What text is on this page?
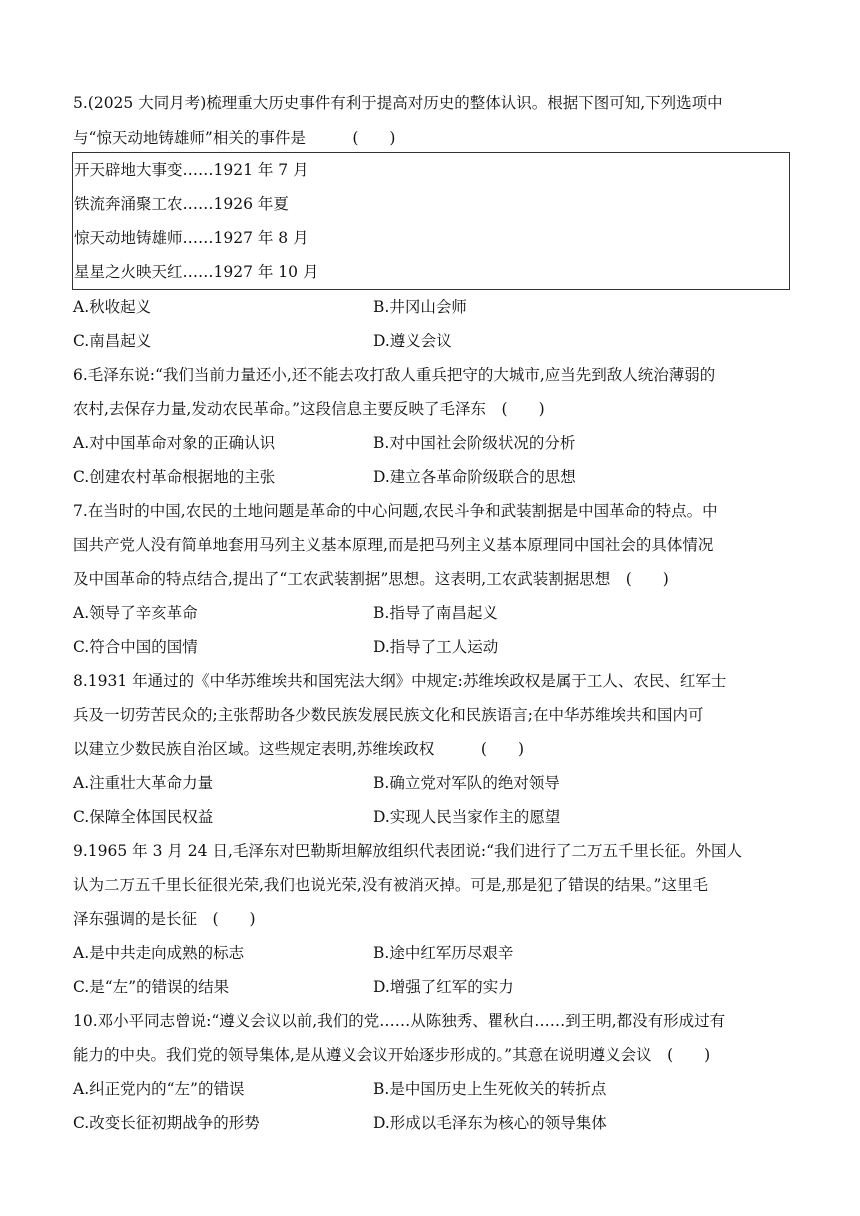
5.(2025 大同月考)梳理重大历史事件有利于提高对历史的整体认识。根据下图可知,下列选项中
与“惊天动地铸雄师”相关的事件是　　　(　　)
开天辟地大事变……1921 年 7 月
铁流奔涌聚工农……1926 年夏
惊天动地铸雄师……1927 年 8 月
星星之火映天红……1927 年 10 月
A.秋收起义	B.井冈山会师
C.南昌起义	D.遵义会议
6.毛泽东说:“我们当前力量还小,还不能去攻打敌人重兵把守的大城市,应当先到敌人统治薄弱的
农村,去保存力量,发动农民革命。”这段信息主要反映了毛泽东　(　　)
A.对中国革命对象的正确认识	B.对中国社会阶级状况的分析
C.创建农村革命根据地的主张	D.建立各革命阶级联合的思想
7.在当时的中国,农民的土地问题是革命的中心问题,农民斗争和武装割据是中国革命的特点。中
国共产党人没有简单地套用马列主义基本原理,而是把马列主义基本原理同中国社会的具体情况
及中国革命的特点结合,提出了“工农武装割据”思想。这表明,工农武装割据思想　(　　)
A.领导了辛亥革命	B.指导了南昌起义
C.符合中国的国情	D.指导了工人运动
8.1931 年通过的《中华苏维埃共和国宪法大纲》中规定:苏维埃政权是属于工人、农民、红军士
兵及一切劳苦民众的;主张帮助各少数民族发展民族文化和民族语言;在中华苏维埃共和国内可
以建立少数民族自治区域。这些规定表明,苏维埃政权　　　(　　)
A.注重壮大革命力量	B.确立党对军队的绝对领导
C.保障全体国民权益	D.实现人民当家作主的愿望
9.1965 年 3 月 24 日,毛泽东对巴勒斯坦解放组织代表团说:“我们进行了二万五千里长征。外国人
认为二万五千里长征很光荣,我们也说光荣,没有被消灭掉。可是,那是犯了错误的结果。”这里毛
泽东强调的是长征　(　　)
A.是中共走向成熟的标志	B.途中红军历尽艰辛
C.是“左”的错误的结果	D.增强了红军的实力
10.邓小平同志曾说:“遵义会议以前,我们的党……从陈独秀、瞿秋白……到王明,都没有形成过有
能力的中央。我们党的领导集体,是从遵义会议开始逐步形成的。”其意在说明遵义会议　(　　)
A.纠正党内的“左”的错误	B.是中国历史上生死攸关的转折点
C.改变长征初期战争的形势	D.形成以毛泽东为核心的领导集体
